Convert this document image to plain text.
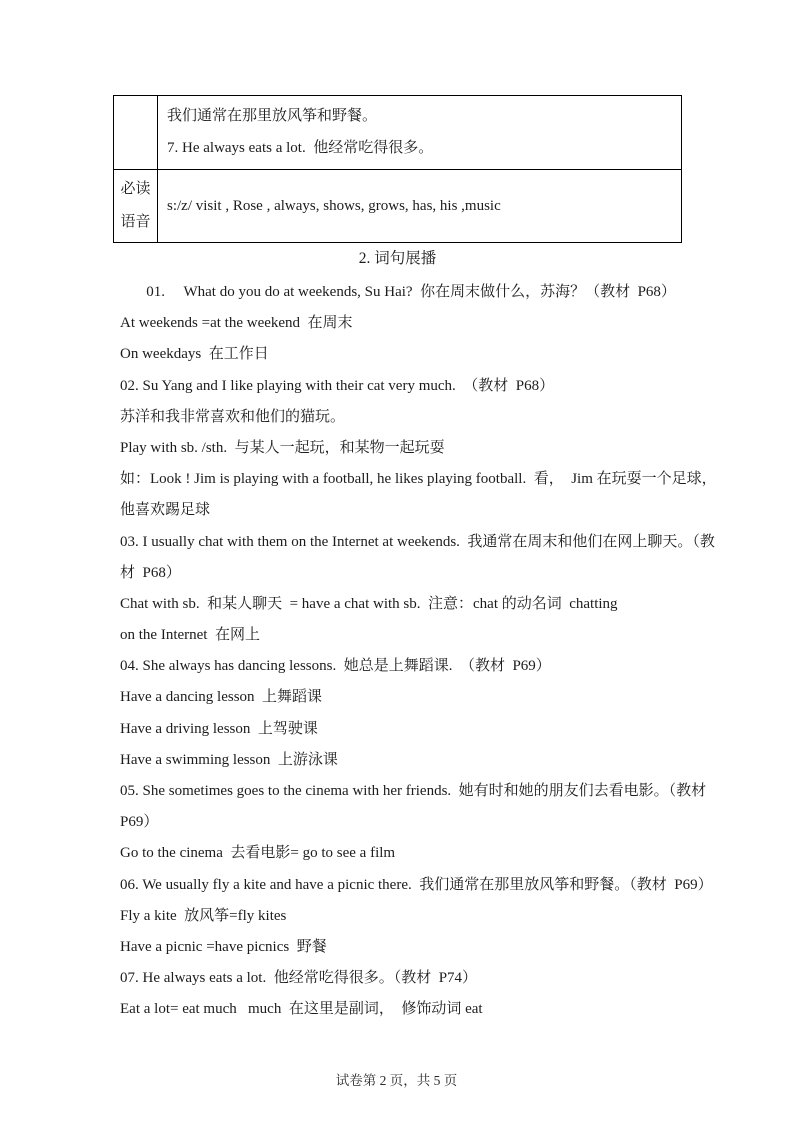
	我们通常在那里放风筝和野餐。
7. He always eats a lot.  他经常吃得很多。

必读
语音	s:/z/ visit , Rose , always, shows, grows, has, his ,music
2. 词句展播
01.     What do you do at weekends, Su Hai?  你在周末做什么，苏海？（教材  P68）
At weekends =at the weekend  在周末
On weekdays  在工作日
02. Su Yang and I like playing with their cat very much.  （教材  P68）
苏洋和我非常喜欢和他们的猫玩。
Play with sb. /sth.  与某人一起玩，和某物一起玩耍
如：Look ! Jim is playing with a football, he likes playing football.  看，  Jim 在玩耍一个足球，
他喜欢踢足球
03. I usually chat with them on the Internet at weekends.  我通常在周末和他们在网上聊天。（教
材  P68）
Chat with sb.  和某人聊天  = have a chat with sb.  注意：chat 的动名词  chatting
on the Internet  在网上
04. She always has dancing lessons.  她总是上舞蹈课.  （教材  P69）
Have a dancing lesson  上舞蹈课
Have a driving lesson  上驾驶课
Have a swimming lesson  上游泳课
05. She sometimes goes to the cinema with her friends.  她有时和她的朋友们去看电影。（教材
P69）
Go to the cinema  去看电影= go to see a film
06. We usually fly a kite and have a picnic there.  我们通常在那里放风筝和野餐。（教材  P69）
Fly a kite  放风筝=fly kites
Have a picnic =have picnics  野餐
07. He always eats a lot.  他经常吃得很多。（教材  P74）
Eat a lot= eat much   much  在这里是副词，  修饰动词 eat
试卷第 2 页，共 5 页
